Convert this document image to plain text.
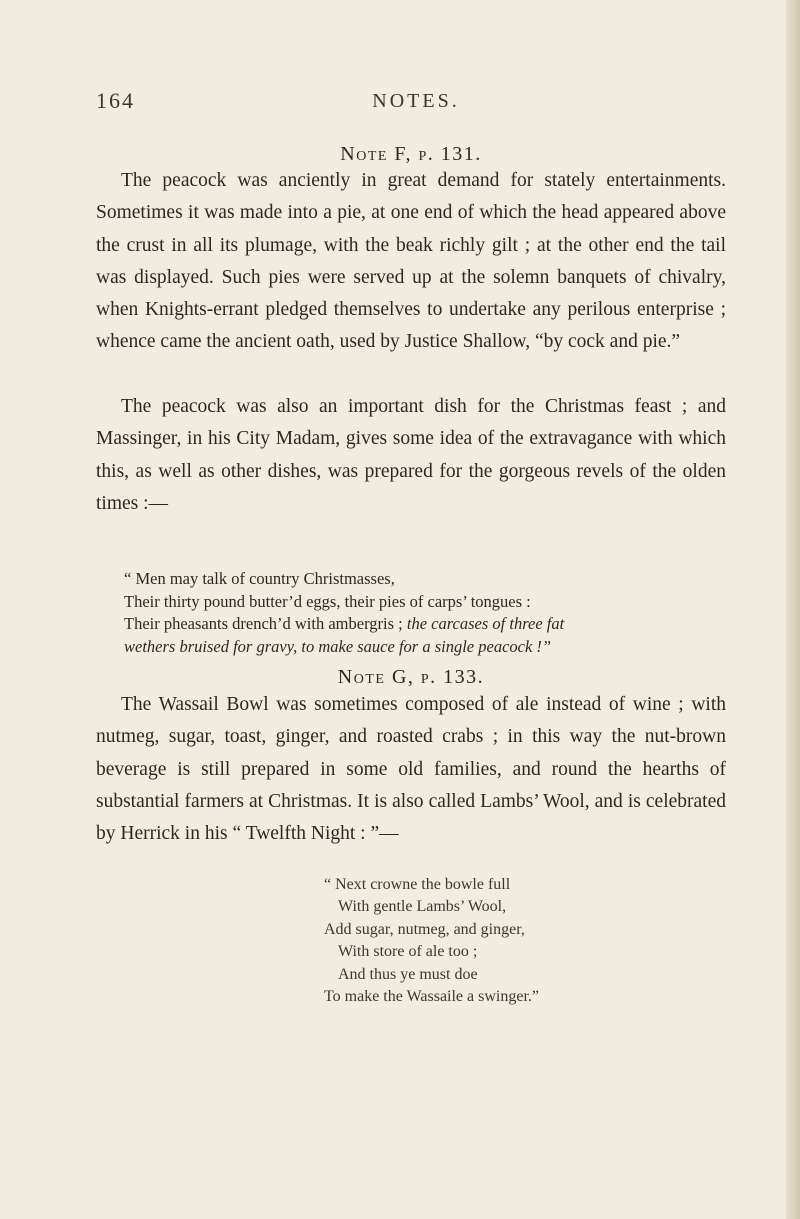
164	NOTES.
Note F, p. 131.

The peacock was anciently in great demand for stately entertainments. Sometimes it was made into a pie, at one end of which the head appeared above the crust in all its plumage, with the beak richly gilt ; at the other end the tail was displayed. Such pies were served up at the solemn banquets of chivalry, when Knights-errant pledged themselves to undertake any perilous enterprise ; whence came the ancient oath, used by Justice Shallow, “by cock and pie.”

The peacock was also an important dish for the Christmas feast ; and Massinger, in his City Madam, gives some idea of the extravagance with which this, as well as other dishes, was prepared for the gorgeous revels of the olden times :—

“ Men may talk of country Christmasses,
Their thirty pound butter’d eggs, their pies of carps’ tongues :
Their pheasants drench’d with ambergris ; the carcases of three fat
wethers bruised for gravy, to make sauce for a single peacock !”
Note G, p. 133.

The Wassail Bowl was sometimes composed of ale instead of wine ; with nutmeg, sugar, toast, ginger, and roasted crabs ; in this way the nut-brown beverage is still prepared in some old families, and round the hearths of substantial farmers at Christmas. It is also called Lambs’ Wool, and is celebrated by Herrick in his “ Twelfth Night : ”—

“ Next crowne the bowle full
With gentle Lambs’ Wool,
Add sugar, nutmeg, and ginger,
With store of ale too ;
And thus ye must doe
To make the Wassaile a swinger.”
